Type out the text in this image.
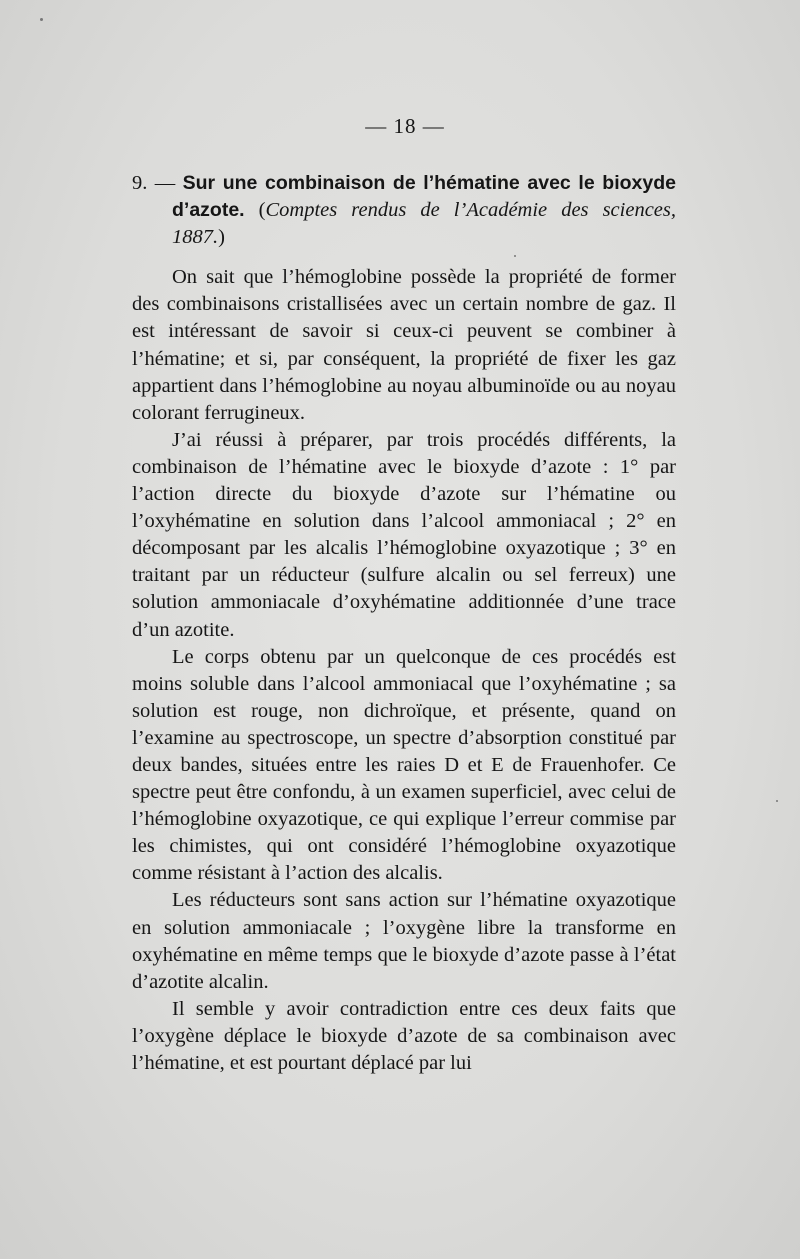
— 18 —

9. — Sur une combinaison de l’hématine avec le bioxyde d’azote. (Comptes rendus de l’Académie des sciences, 1887.)

On sait que l’hémoglobine possède la propriété de former des combinaisons cristallisées avec un certain nombre de gaz. Il est intéressant de savoir si ceux-ci peuvent se combiner à l’hématine; et si, par conséquent, la propriété de fixer les gaz appartient dans l’hémoglobine au noyau albuminoïde ou au noyau colorant ferrugineux.

J’ai réussi à préparer, par trois procédés différents, la combinaison de l’hématine avec le bioxyde d’azote : 1° par l’action directe du bioxyde d’azote sur l’hématine ou l’oxyhématine en solution dans l’alcool ammoniacal ; 2° en décomposant par les alcalis l’hémoglobine oxyazotique ; 3° en traitant par un réducteur (sulfure alcalin ou sel ferreux) une solution ammoniacale d’oxyhématine additionnée d’une trace d’un azotite.

Le corps obtenu par un quelconque de ces procédés est moins soluble dans l’alcool ammoniacal que l’oxyhématine ; sa solution est rouge, non dichroïque, et présente, quand on l’examine au spectroscope, un spectre d’absorption constitué par deux bandes, situées entre les raies D et E de Frauenhofer. Ce spectre peut être confondu, à un examen superficiel, avec celui de l’hémoglobine oxyazotique, ce qui explique l’erreur commise par les chimistes, qui ont considéré l’hémoglobine oxyazotique comme résistant à l’action des alcalis.

Les réducteurs sont sans action sur l’hématine oxyazotique en solution ammoniacale ; l’oxygène libre la transforme en oxyhématine en même temps que le bioxyde d’azote passe à l’état d’azotite alcalin.

Il semble y avoir contradiction entre ces deux faits que l’oxygène déplace le bioxyde d’azote de sa combinaison avec l’hématine, et est pourtant déplacé par lui
